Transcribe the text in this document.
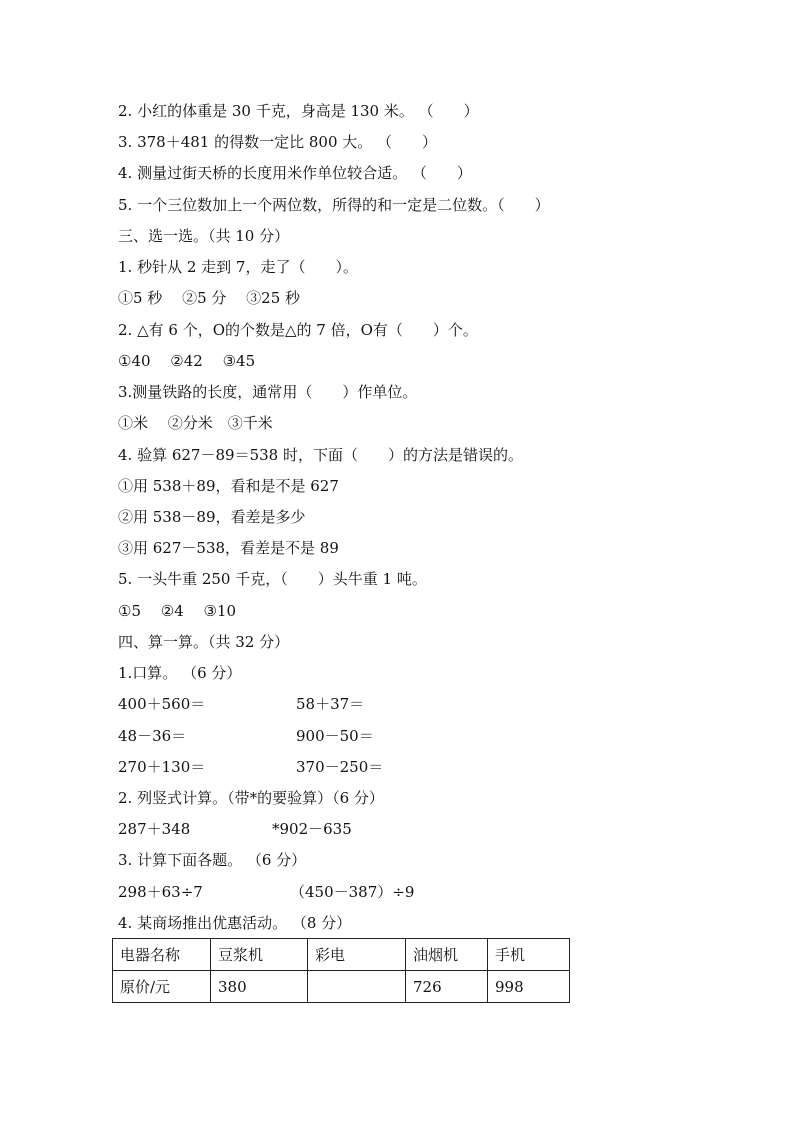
2. 小红的体重是 30 千克，身高是 130 米。 （　　）
3. 378＋481 的得数一定比 800 大。 （　　）
4. 测量过街天桥的长度用米作单位较合适。 （　　）
5. 一个三位数加上一个两位数，所得的和一定是二位数。（　　）
三、选一选。（共 10 分）
1. 秒针从 2 走到 7，走了（　　）。
①5 秒　 ②5 分　 ③25 秒
2. △有 6 个，O的个数是△的 7 倍，O有（　　）个。
①40　 ②42　 ③45
3.测量铁路的长度，通常用（　　）作单位。
①米　 ②分米　③千米
4. 验算 627－89＝538 时，下面（　　）的方法是错误的。
①用 538＋89，看和是不是 627
②用 538－89，看差是多少
③用 627－538，看差是不是 89
5. 一头牛重 250 千克，（　　）头牛重 1 吨。
①5　 ②4　 ③10
四、算一算。（共 32 分）
1.口算。 （6 分）
400＋560＝	58＋37＝
48－36＝	900－50＝
270＋130＝	370－250＝
2. 列竖式计算。（带*的要验算）（6 分）
287＋348	*902－635
3. 计算下面各题。 （6 分）
298＋63÷7	（450－387）÷9
4. 某商场推出优惠活动。 （8 分）
电器名称	豆浆机	彩电	油烟机	手机
原价/元	380		726	998
